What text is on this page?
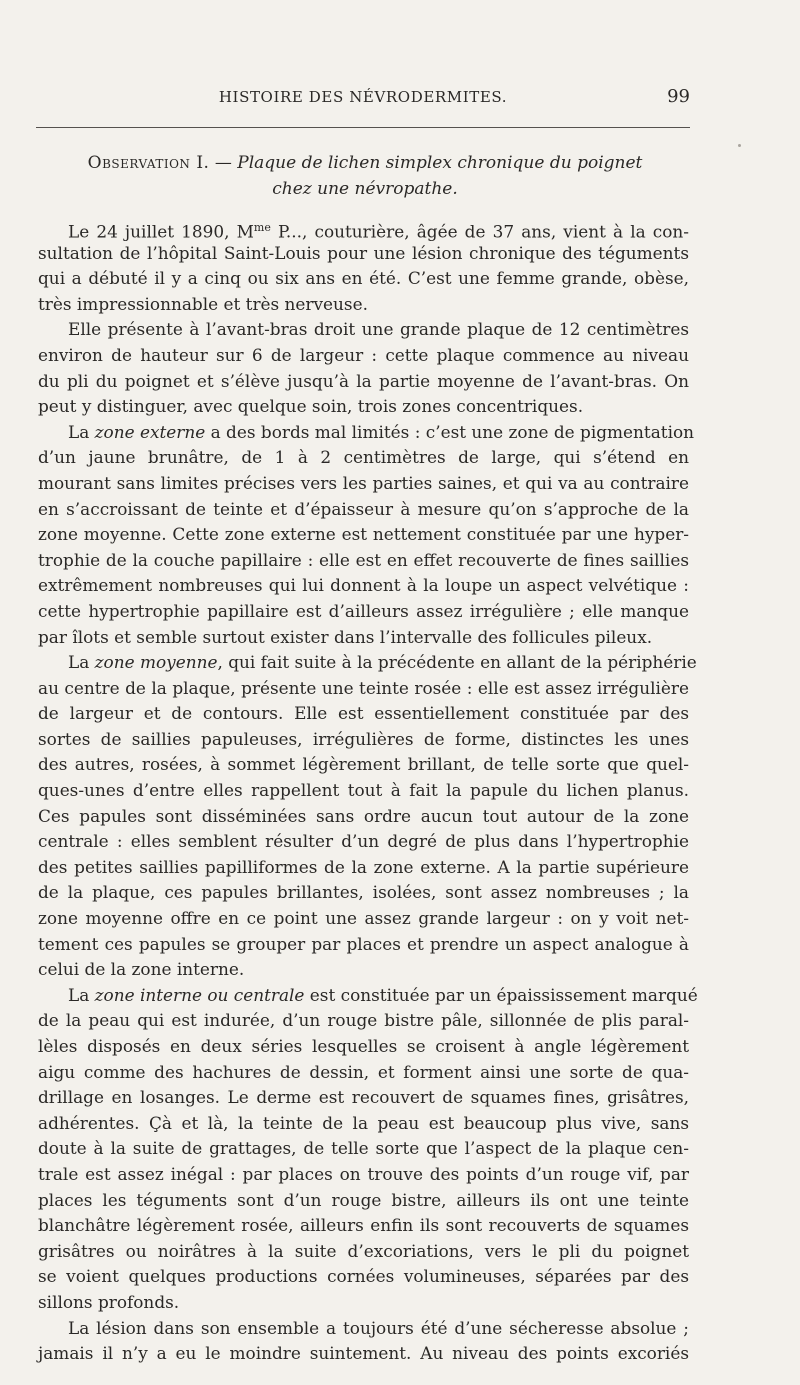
HISTOIRE DES NÉVRODERMITES.	99
Observation I. — Plaque de lichen simplex chronique du poignet
chez une névropathe.
Le 24 juillet 1890, $M^{me}$ P..., couturière, âgée de 37 ans, vient à la con-
sultation de l’hôpital Saint-Louis pour une lésion chronique des téguments
qui a débuté il y a cinq ou six ans en été. C’est une femme grande, obèse,
très impressionnable et très nerveuse.
Elle présente à l’avant-bras droit une grande plaque de 12 centimètres
environ de hauteur sur 6 de largeur : cette plaque commence au niveau
du pli du poignet et s’élève jusqu’à la partie moyenne de l’avant-bras. On
peut y distinguer, avec quelque soin, trois zones concentriques.
La zone externe a des bords mal limités : c’est une zone de pigmentation
d’un jaune brunâtre, de 1 à 2 centimètres de large, qui s’étend en
mourant sans limites précises vers les parties saines, et qui va au contraire
en s’accroissant de teinte et d’épaisseur à mesure qu’on s’approche de la
zone moyenne. Cette zone externe est nettement constituée par une hyper-
trophie de la couche papillaire : elle est en effet recouverte de fines saillies
extrêmement nombreuses qui lui donnent à la loupe un aspect velvétique :
cette hypertrophie papillaire est d’ailleurs assez irrégulière ; elle manque
par îlots et semble surtout exister dans l’intervalle des follicules pileux.
La zone moyenne, qui fait suite à la précédente en allant de la périphérie
au centre de la plaque, présente une teinte rosée : elle est assez irrégulière
de largeur et de contours. Elle est essentiellement constituée par des
sortes de saillies papuleuses, irrégulières de forme, distinctes les unes
des autres, rosées, à sommet légèrement brillant, de telle sorte que quel-
ques-unes d’entre elles rappellent tout à fait la papule du lichen planus.
Ces papules sont disséminées sans ordre aucun tout autour de la zone
centrale : elles semblent résulter d’un degré de plus dans l’hypertrophie
des petites saillies papilliformes de la zone externe. A la partie supérieure
de la plaque, ces papules brillantes, isolées, sont assez nombreuses ; la
zone moyenne offre en ce point une assez grande largeur : on y voit net-
tement ces papules se grouper par places et prendre un aspect analogue à
celui de la zone interne.
La zone interne ou centrale est constituée par un épaississement marqué
de la peau qui est indurée, d’un rouge bistre pâle, sillonnée de plis paral-
lèles disposés en deux séries lesquelles se croisent à angle légèrement
aigu comme des hachures de dessin, et forment ainsi une sorte de qua-
drillage en losanges. Le derme est recouvert de squames fines, grisâtres,
adhérentes. Çà et là, la teinte de la peau est beaucoup plus vive, sans
doute à la suite de grattages, de telle sorte que l’aspect de la plaque cen-
trale est assez inégal : par places on trouve des points d’un rouge vif, par
places les téguments sont d’un rouge bistre, ailleurs ils ont une teinte
blanchâtre légèrement rosée, ailleurs enfin ils sont recouverts de squames
grisâtres ou noirâtres à la suite d’excoriations, vers le pli du poignet
se voient quelques productions cornées volumineuses, séparées par des
sillons profonds.
La lésion dans son ensemble a toujours été d’une sécheresse absolue ;
jamais il n’y a eu le moindre suintement. Au niveau des points excoriés
